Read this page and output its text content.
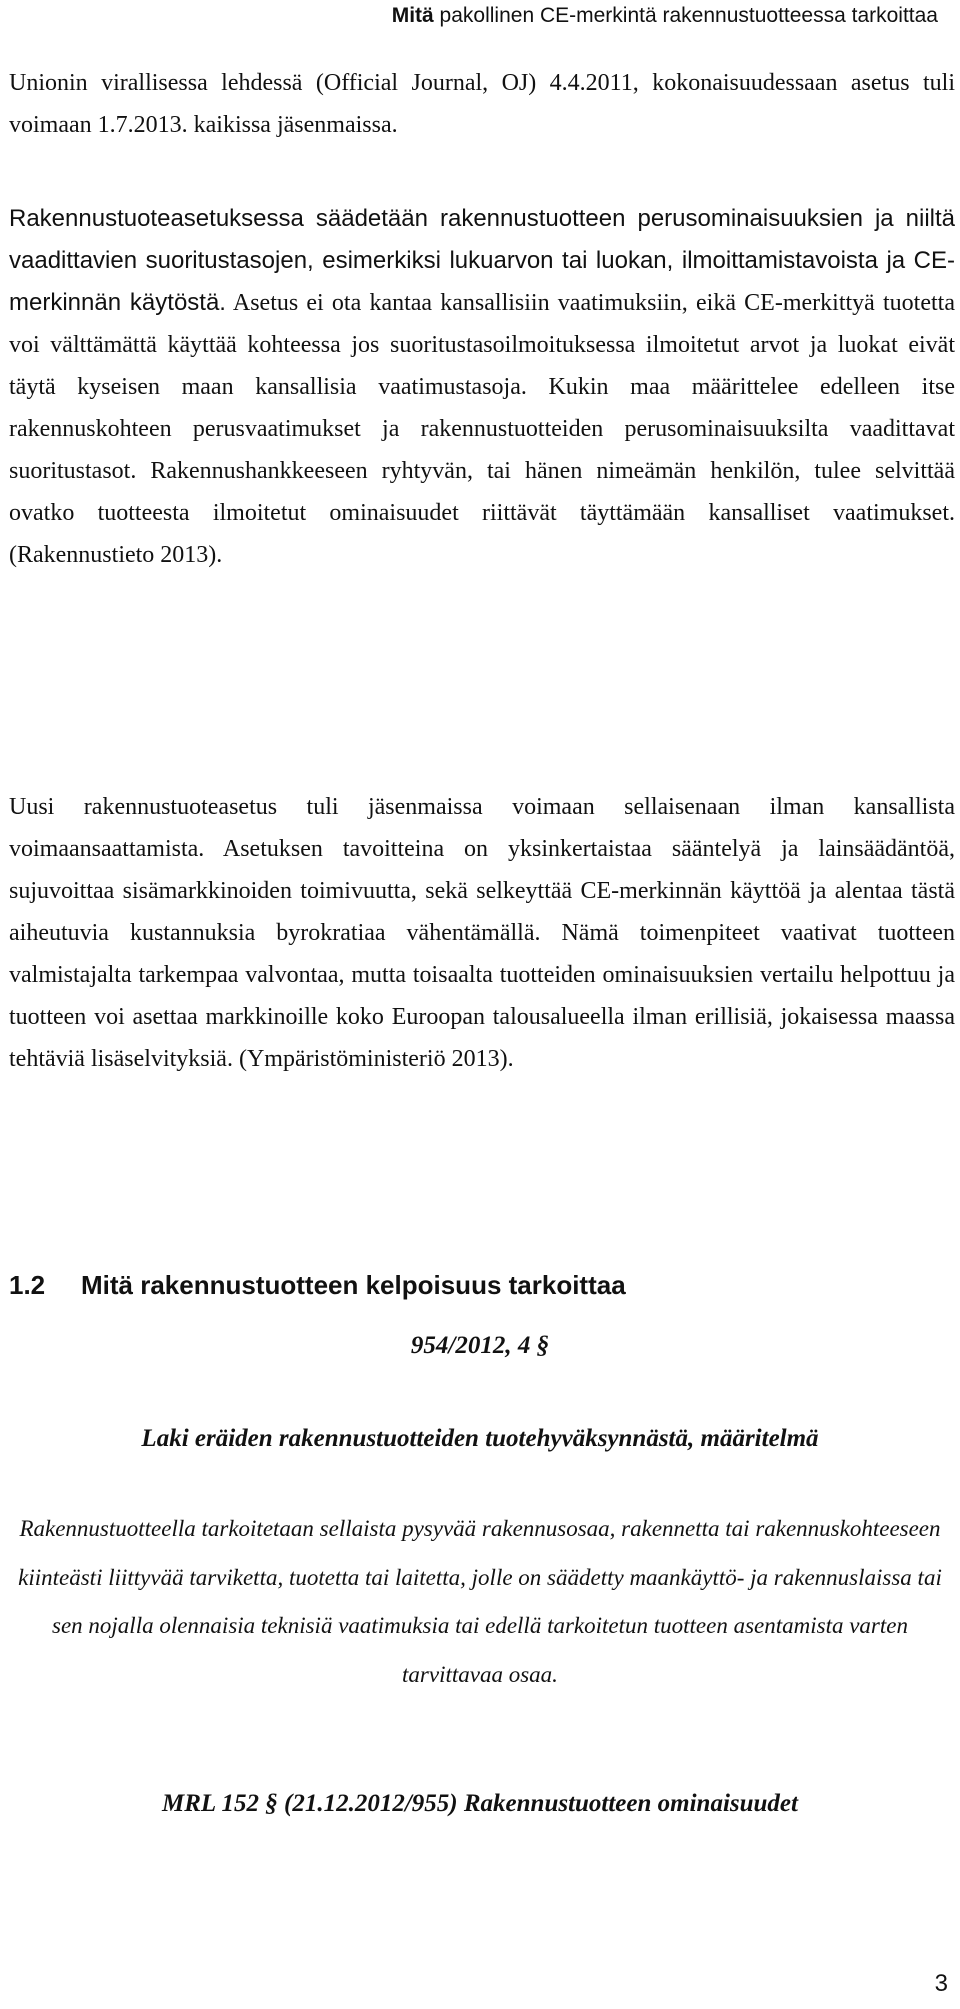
Mitä pakollinen CE-merkintä rakennustuotteessa tarkoittaa

Unionin virallisessa lehdessä (Official Journal, OJ) 4.4.2011, kokonaisuudessaan asetus tuli voimaan 1.7.2013. kaikissa jäsenmaissa.

Rakennustuoteasetuksessa säädetään rakennustuotteen perusominaisuuksien ja niiltä vaadittavien suoritustasojen, esimerkiksi lukuarvon tai luokan, ilmoittamistavoista ja CE-merkinnän käytöstä. Asetus ei ota kantaa kansallisiin vaatimuksiin, eikä CE-merkittyä tuotetta voi välttämättä käyttää kohteessa jos suoritustasoilmoituksessa ilmoitetut arvot ja luokat eivät täytä kyseisen maan kansallisia vaatimustasoja. Kukin maa määrittelee edelleen itse rakennuskohteen perusvaatimukset ja rakennustuotteiden perusominaisuuksilta vaadittavat suoritustasot. Rakennushankkeeseen ryhtyvän, tai hänen nimeämän henkilön, tulee selvittää ovatko tuotteesta ilmoitetut ominaisuudet riittävät täyttämään kansalliset vaatimukset. (Rakennustieto 2013).

Uusi rakennustuoteasetus tuli jäsenmaissa voimaan sellaisenaan ilman kansallista voimaansaattamista. Asetuksen tavoitteina on yksinkertaistaa sääntelyä ja lainsäädäntöä, sujuvoittaa sisämarkkinoiden toimivuutta, sekä selkeyttää CE-merkinnän käyttöä ja alentaa tästä aiheutuvia kustannuksia byrokratiaa vähentämällä. Nämä toimenpiteet vaativat tuotteen valmistajalta tarkempaa valvontaa, mutta toisaalta tuotteiden ominaisuuksien vertailu helpottuu ja tuotteen voi asettaa markkinoille koko Euroopan talousalueella ilman erillisiä, jokaisessa maassa tehtäviä lisäselvityksiä. (Ympäristöministeriö 2013).

1.2 Mitä rakennustuotteen kelpoisuus tarkoittaa

954/2012, 4 §

Laki eräiden rakennustuotteiden tuotehyväksynnästä, määritelmä

Rakennustuotteella tarkoitetaan sellaista pysyvää rakennusosaa, rakennetta tai rakennuskohteeseen kiinteästi liittyvää tarviketta, tuotetta tai laitetta, jolle on säädetty maankäyttö- ja rakennuslaissa tai sen nojalla olennaisia teknisiä vaatimuksia tai edellä tarkoitetun tuotteen asentamista varten tarvittavaa osaa.

MRL 152 § (21.12.2012/955) Rakennustuotteen ominaisuudet

3
